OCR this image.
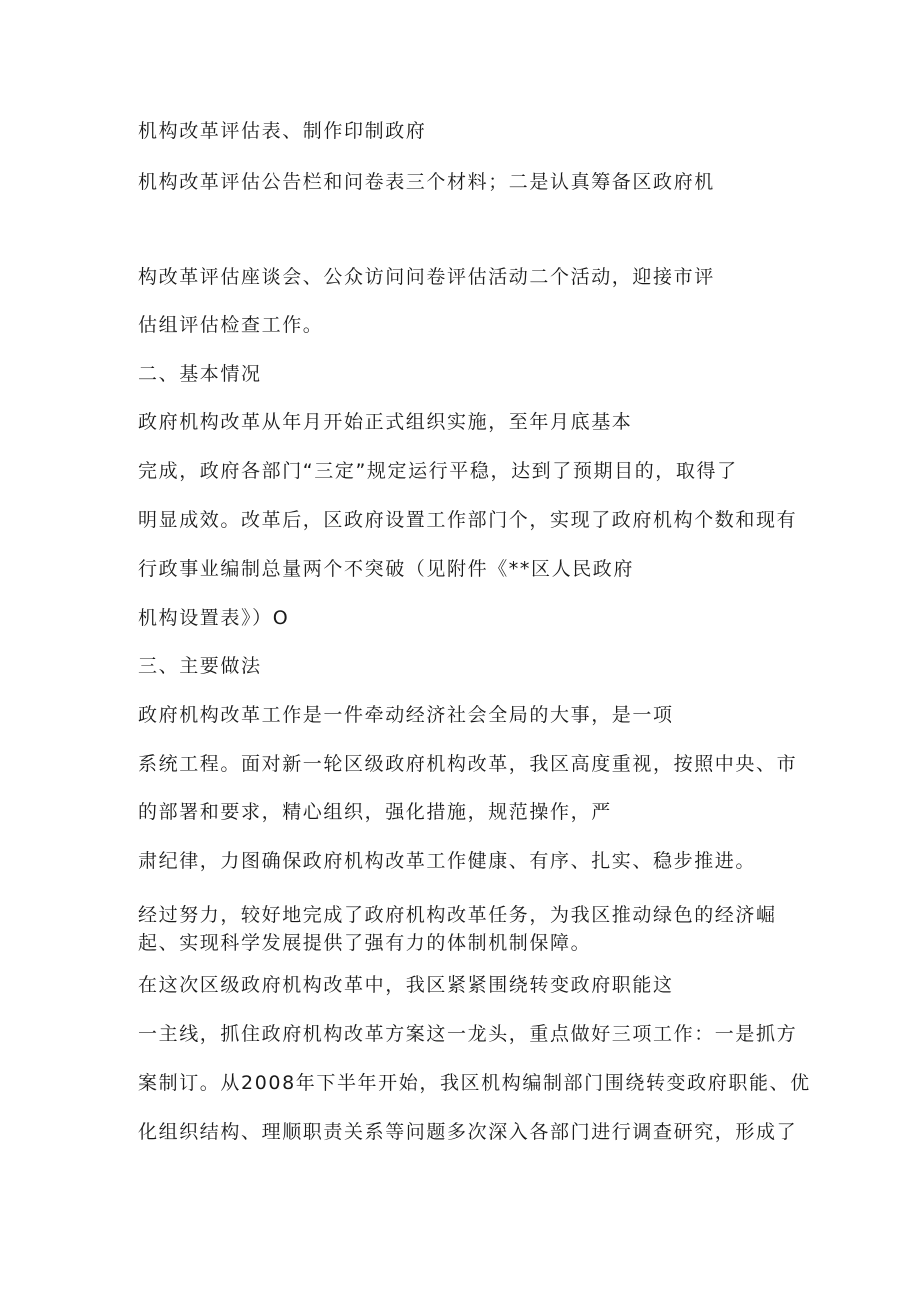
机构改革评估表、制作印制政府
机构改革评估公告栏和问卷表三个材料；二是认真筹备区政府机
构改革评估座谈会、公众访问问卷评估活动二个活动，迎接市评
估组评估检查工作。
二、基本情况
政府机构改革从年月开始正式组织实施，至年月底基本
完成，政府各部门“三定”规定运行平稳，达到了预期目的，取得了
明显成效。改革后，区政府设置工作部门个，实现了政府机构个数和现有
行政事业编制总量两个不突破（见附件《**区人民政府
机构设置表》）O
三、主要做法
政府机构改革工作是一件牵动经济社会全局的大事，是一项
系统工程。面对新一轮区级政府机构改革，我区高度重视，按照中央、市
的部署和要求，精心组织，强化措施，规范操作，严
肃纪律，力图确保政府机构改革工作健康、有序、扎实、稳步推进。
经过努力，较好地完成了政府机构改革任务，为我区推动绿色的经济崛
起、实现科学发展提供了强有力的体制机制保障。
在这次区级政府机构改革中，我区紧紧围绕转变政府职能这
一主线，抓住政府机构改革方案这一龙头，重点做好三项工作：一是抓方
案制订。从2008年下半年开始，我区机构编制部门围绕转变政府职能、优
化组织结构、理顺职责关系等问题多次深入各部门进行调查研究，形成了
